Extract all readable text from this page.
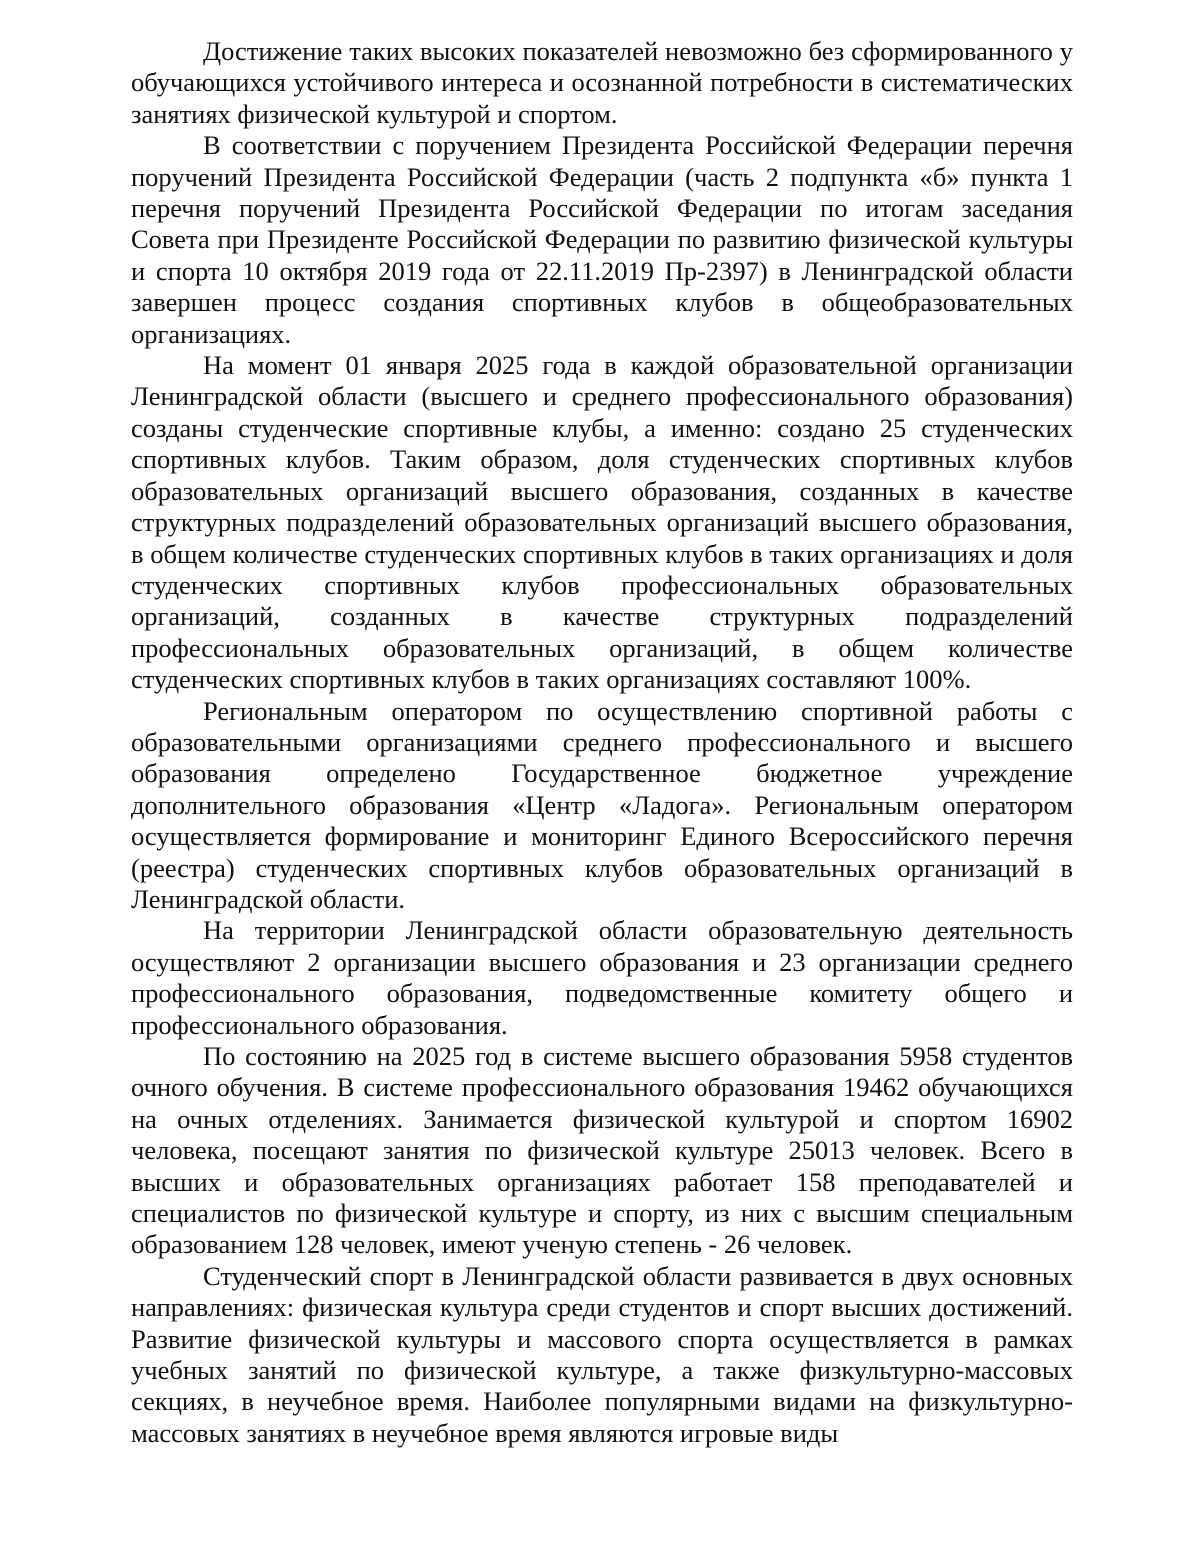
Достижение таких высоких показателей невозможно без сформированного у обучающихся устойчивого интереса и осознанной потребности в систематических занятиях физической культурой и спортом.

В соответствии с поручением Президента Российской Федерации перечня поручений Президента Российской Федерации (часть 2 подпункта «б» пункта 1 перечня поручений Президента Российской Федерации по итогам заседания Совета при Президенте Российской Федерации по развитию физической культуры и спорта 10 октября 2019 года от 22.11.2019 Пр-2397) в Ленинградской области завершен процесс создания спортивных клубов в общеобразовательных организациях.

На момент 01 января 2025 года в каждой образовательной организации Ленинградской области (высшего и среднего профессионального образования) созданы студенческие спортивные клубы, а именно: создано 25 студенческих спортивных клубов. Таким образом, доля студенческих спортивных клубов образовательных организаций высшего образования, созданных в качестве структурных подразделений образовательных организаций высшего образования, в общем количестве студенческих спортивных клубов в таких организациях и доля студенческих спортивных клубов профессиональных образовательных организаций, созданных в качестве структурных подразделений профессиональных образовательных организаций, в общем количестве студенческих спортивных клубов в таких организациях составляют 100%.

Региональным оператором по осуществлению спортивной работы с образовательными организациями среднего профессионального и высшего образования определено Государственное бюджетное учреждение дополнительного образования «Центр «Ладога». Региональным оператором осуществляется формирование и мониторинг Единого Всероссийского перечня (реестра) студенческих спортивных клубов образовательных организаций в Ленинградской области.

На территории Ленинградской области образовательную деятельность осуществляют 2 организации высшего образования и 23 организации среднего профессионального образования, подведомственные комитету общего и профессионального образования.

По состоянию на 2025 год в системе высшего образования 5958 студентов очного обучения. В системе профессионального образования 19462 обучающихся на очных отделениях. Занимается физической культурой и спортом 16902 человека, посещают занятия по физической культуре 25013 человек. Всего в высших и образовательных организациях работает 158 преподавателей и специалистов по физической культуре и спорту, из них с высшим специальным образованием 128 человек, имеют ученую степень - 26 человек.

Студенческий спорт в Ленинградской области развивается в двух основных направлениях: физическая культура среди студентов и спорт высших достижений. Развитие физической культуры и массового спорта осуществляется в рамках учебных занятий по физической культуре, а также физкультурно-массовых секциях, в неучебное время. Наиболее популярными видами на физкультурно-массовых занятиях в неучебное время являются игровые виды
